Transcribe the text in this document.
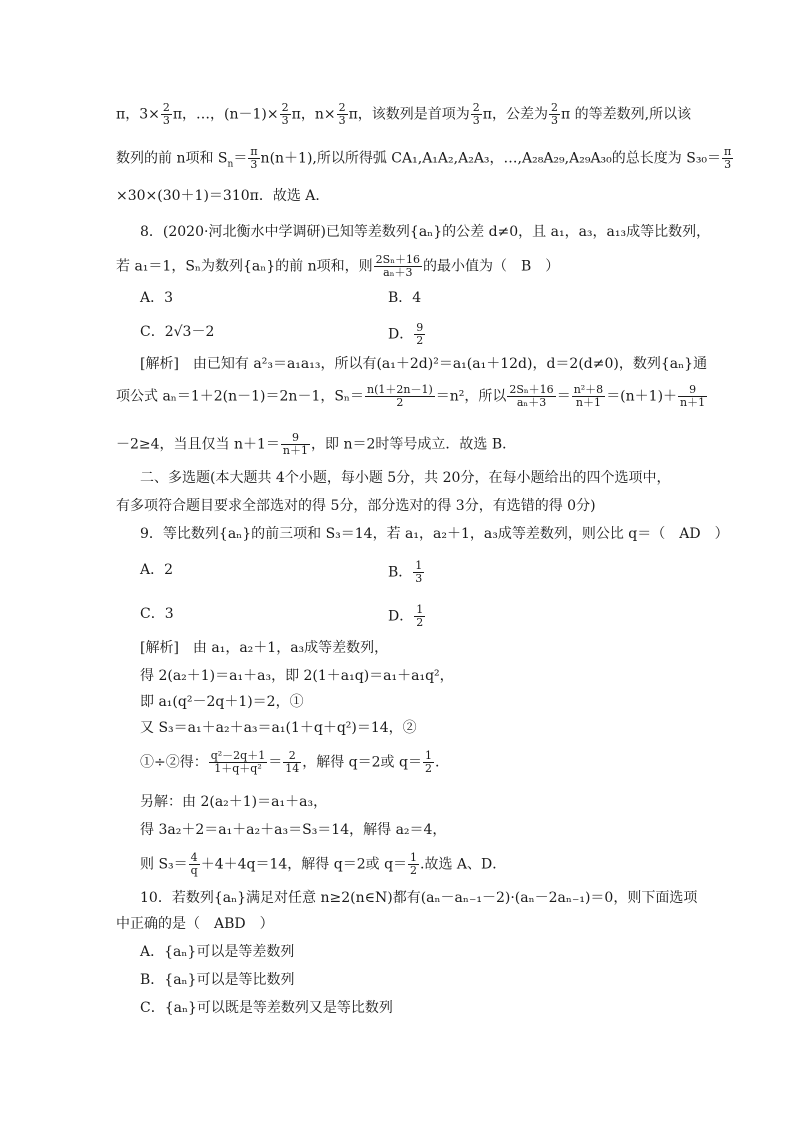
π，$3\times \frac{2}{3}$ π，…，$(n-1)\times \frac{2}{3}$ π，$n\times \frac{2}{3}$ π，该数列是首项为 $\frac{2}{3}$ π，公差为 $\frac{2}{3}$ π 的等差数列,所以该
数列的前 n项和 $S_n= \frac{\pi}{3} n(n+1)$,所以所得弧 CA₁,A₁A₂,A₂A₃，…,A₂₈A₂₉,A₂₉A₃₀的总长度为 $S_{30}= \frac{\pi}{3}$
×30×(30＋1)＝310π．故选 A．
8．(2020·河北衡水中学调研)已知等差数列{aₙ}的公差 d≠0，且 a₁，a₃，a₁₃成等比数列，
若 a₁＝1，Sₙ为数列{aₙ}的前 n项和，则 $\frac{\text{2Sₙ＋16}}{\text{aₙ＋3}}$ 的最小值为（　B　）
A．3	B．4
C．2√3－2	D． $\frac{9}{2}$
[解析]　由已知有 a²₃＝a₁a₁₃，所以有(a₁＋2d)²＝a₁(a₁＋12d)，d＝2(d≠0)，数列{aₙ}通
项公式 aₙ＝1＋2(n－1)＝2n－1，$S_n= \frac{n(1+2n-1)}{2} =n^2$，所以 $\frac{\text{2Sₙ＋16}}{\text{aₙ＋3}} = \frac{\text{n²＋8}}{n+1} =(n+1)+ \frac{9}{n+1}$
－2≥4，当且仅当 $n+1= \frac{9}{n+1}$ ，即 n＝2时等号成立．故选 B．
二、多选题(本大题共 4个小题，每小题 5分，共 20分，在每小题给出的四个选项中，
有多项符合题目要求全部选对的得 5分，部分选对的得 3分，有选错的得 0分)
9．等比数列{aₙ}的前三项和 S₃＝14，若 a₁，a₂＋1，a₃成等差数列，则公比 q＝（　AD　）
A．2	B． $\frac{1}{3}$
C．3	D． $\frac{1}{2}$
[解析]　由 a₁，a₂＋1，a₃成等差数列，
得 2(a₂＋1)＝a₁＋a₃，即 2(1＋a₁q)＝a₁＋a₁q²，
即 a₁(q²－2q＋1)＝2，①
又 S₃＝a₁＋a₂＋a₃＝a₁(1＋q＋q²)＝14，②
①÷②得： $\frac{\text{q²－2q＋1}}{\text{1＋q＋q²}} = \frac{2}{14}$ ，解得 q＝2或 $q= \frac{1}{2}$ .
另解：由 2(a₂＋1)＝a₁＋a₃，
得 3a₂＋2＝a₁＋a₂＋a₃＝S₃＝14，解得 a₂＝4，
则 $S_3= \frac{4}{q} +4+4q=14$，解得 q＝2或 $q= \frac{1}{2}$ .故选 A、D．
10．若数列{aₙ}满足对任意 n≥2(n∈N)都有(aₙ－aₙ₋₁－2)·(aₙ－2aₙ₋₁)＝0，则下面选项
中正确的是（　ABD　）
A．{aₙ}可以是等差数列
B．{aₙ}可以是等比数列
C．{aₙ}可以既是等差数列又是等比数列
